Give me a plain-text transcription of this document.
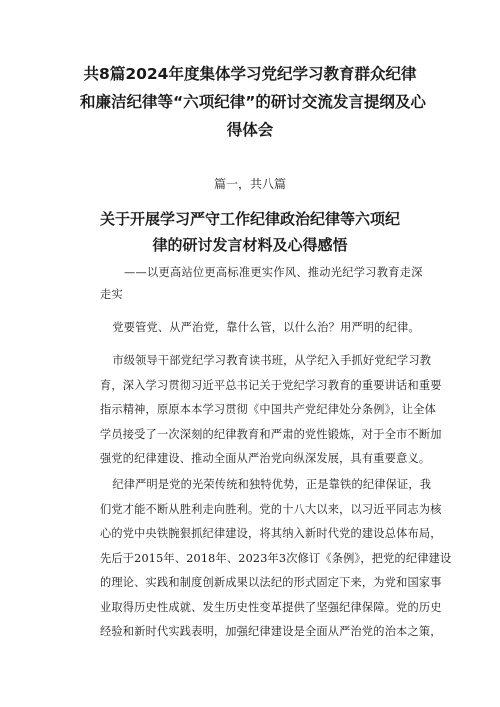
共8篇2024年度集体学习党纪学习教育群众纪律
和廉洁纪律等“六项纪律”的研讨交流发言提纲及心
得体会

篇一，共八篇

关于开展学习严守工作纪律政治纪律等六项纪
律的研讨发言材料及心得感悟

——以更高站位更高标准更实作风、推动光纪学习教育走深
走实

党要管党、从严治党，靠什么管，以什么治？用严明的纪律。

市级领导干部党纪学习教育读书班，从学纪入手抓好党纪学习教
育，深入学习贯彻习近平总书记关于党纪学习教育的重要讲话和重要
指示精神，原原本本学习贯彻《中国共产党纪律处分条例》，让全体
学员接受了一次深刻的纪律教育和严肃的党性锻炼，对于全市不断加
强党的纪律建设、推动全面从严治党向纵深发展，具有重要意义。

纪律严明是党的光荣传统和独特优势，正是靠铁的纪律保证，我
们党才能不断从胜利走向胜利。党的十八大以来，以习近平同志为核
心的党中央铁腕狠抓纪律建设，将其纳入新时代党的建设总体布局，
先后于2015年、2018年、2023年3次修订《条例》，把党的纪律建设
的理论、实践和制度创新成果以法纪的形式固定下来，为党和国家事
业取得历史性成就、发生历史性变革提供了坚强纪律保障。党的历史
经验和新时代实践表明，加强纪律建设是全面从严治党的治本之策，
